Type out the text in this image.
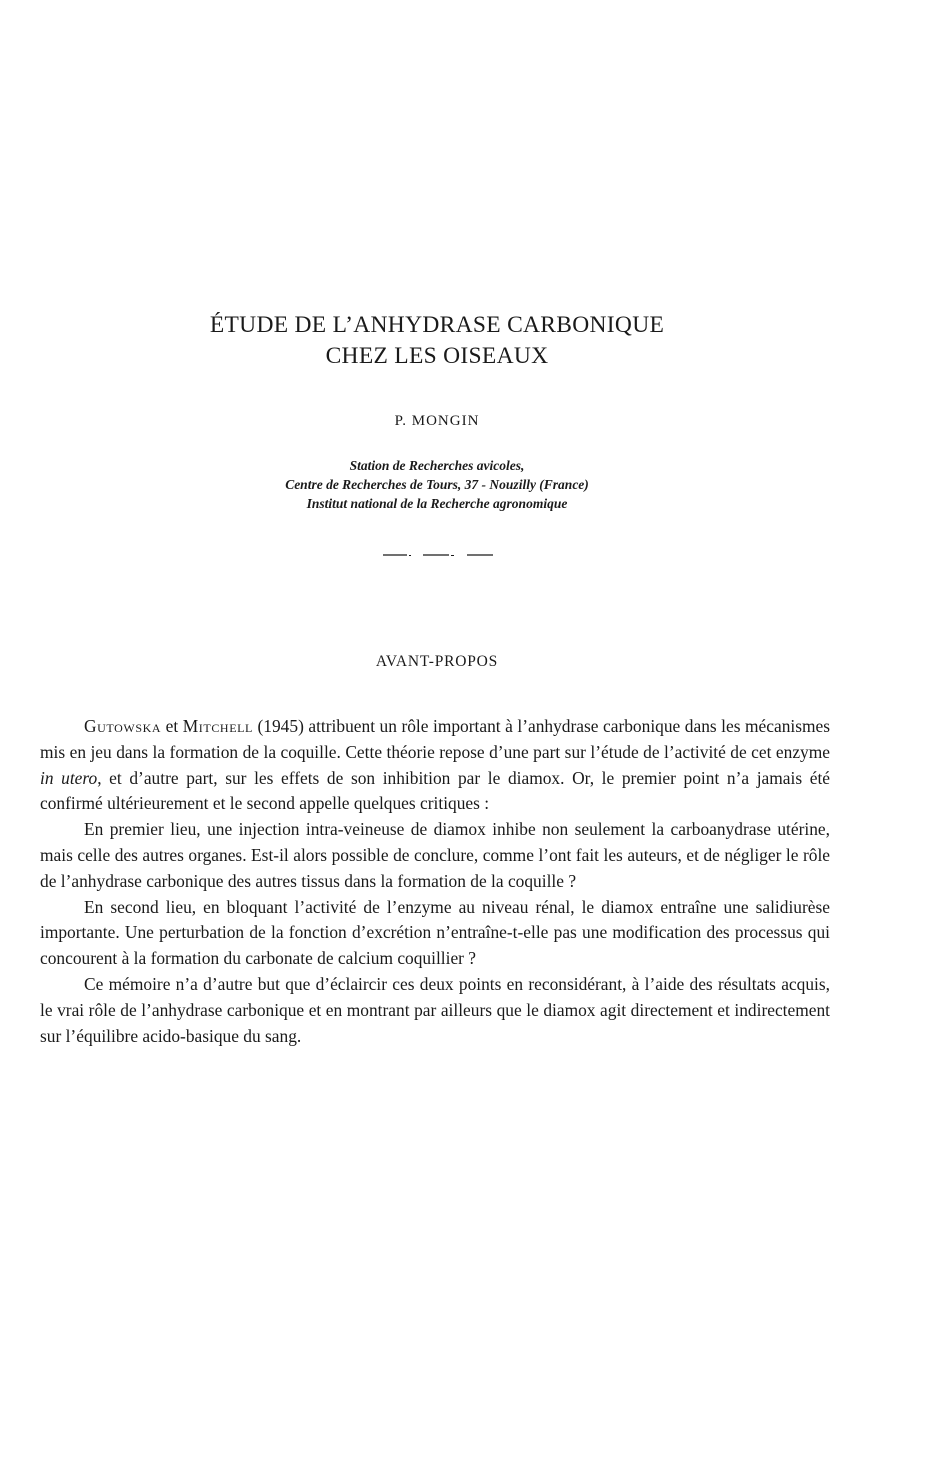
ÉTUDE DE L’ANHYDRASE CARBONIQUE
CHEZ LES OISEAUX
P. MONGIN
Station de Recherches avicoles,
Centre de Recherches de Tours, 37 - Nouzilly (France)
Institut national de la Recherche agronomique
AVANT-PROPOS

Gutowska et Mitchell (1945) attribuent un rôle important à l’anhydrase carbonique dans les mécanismes mis en jeu dans la formation de la coquille. Cette théorie repose d’une part sur l’étude de l’activité de cet enzyme in utero, et d’autre part, sur les effets de son inhibition par le diamox. Or, le premier point n’a jamais été confirmé ultérieurement et le second appelle quelques critiques :

En premier lieu, une injection intra-veineuse de diamox inhibe non seulement la carboanydrase utérine, mais celle des autres organes. Est-il alors possible de conclure, comme l’ont fait les auteurs, et de négliger le rôle de l’anhydrase carbonique des autres tissus dans la formation de la coquille ?

En second lieu, en bloquant l’activité de l’enzyme au niveau rénal, le diamox entraîne une salidiurèse importante. Une perturbation de la fonction d’excrétion n’entraîne-t-elle pas une modification des processus qui concourent à la formation du carbonate de calcium coquillier ?

Ce mémoire n’a d’autre but que d’éclaircir ces deux points en reconsidérant, à l’aide des résultats acquis, le vrai rôle de l’anhydrase carbonique et en montrant par ailleurs que le diamox agit directement et indirectement sur l’équilibre acido-basique du sang.
